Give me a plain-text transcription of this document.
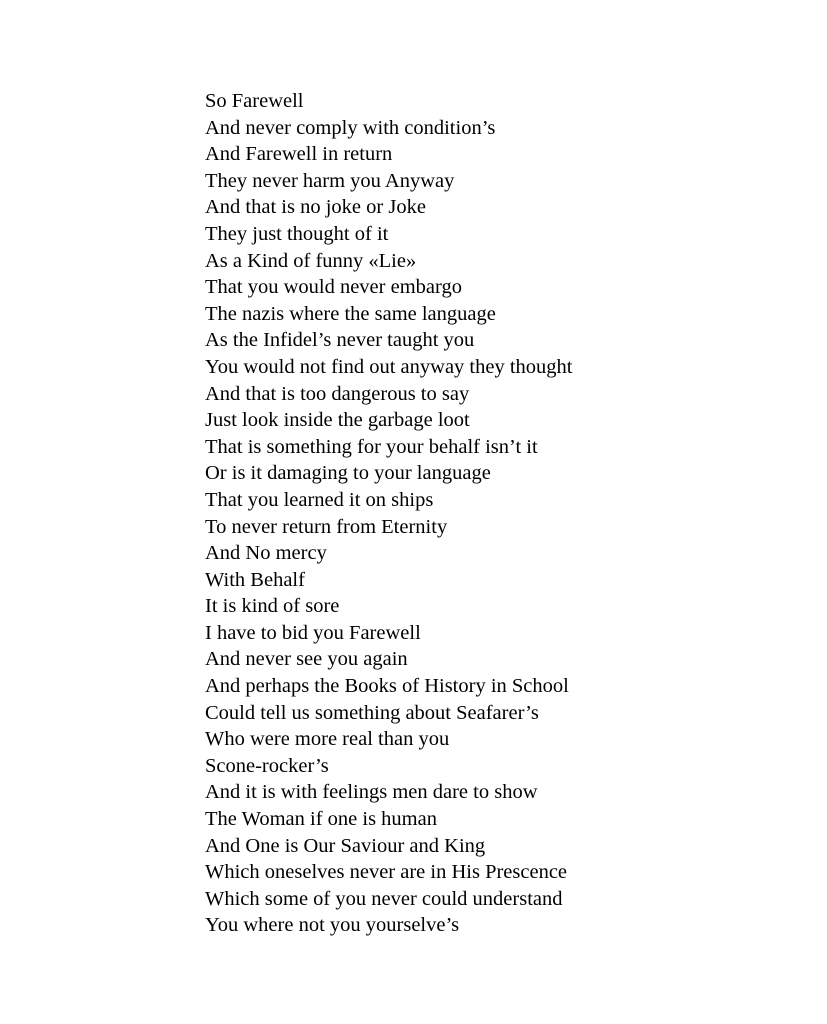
So Farewell
And never comply with condition’s
And Farewell in return
They never harm you Anyway
And that is no joke or Joke
They just thought of it
As a Kind of funny «Lie»
That you would never embargo
The nazis where the same language
As the Infidel’s never taught you
You would not find out anyway they thought
And that is too dangerous to say
Just look inside the garbage loot
That is something for your behalf isn’t it
Or is it damaging to your language
That you learned it on ships
To never return from Eternity
And No mercy
With Behalf
It is kind of sore
I have to bid you Farewell
And never see you again
And perhaps the Books of History in School
Could tell us something about Seafarer’s
Who were more real than you
Scone-rocker’s
And it is with feelings men dare to show
The Woman if one is human
And One is Our Saviour and King
Which oneselves never are in His Prescence
Which some of you never could understand
You where not you yourselve’s
